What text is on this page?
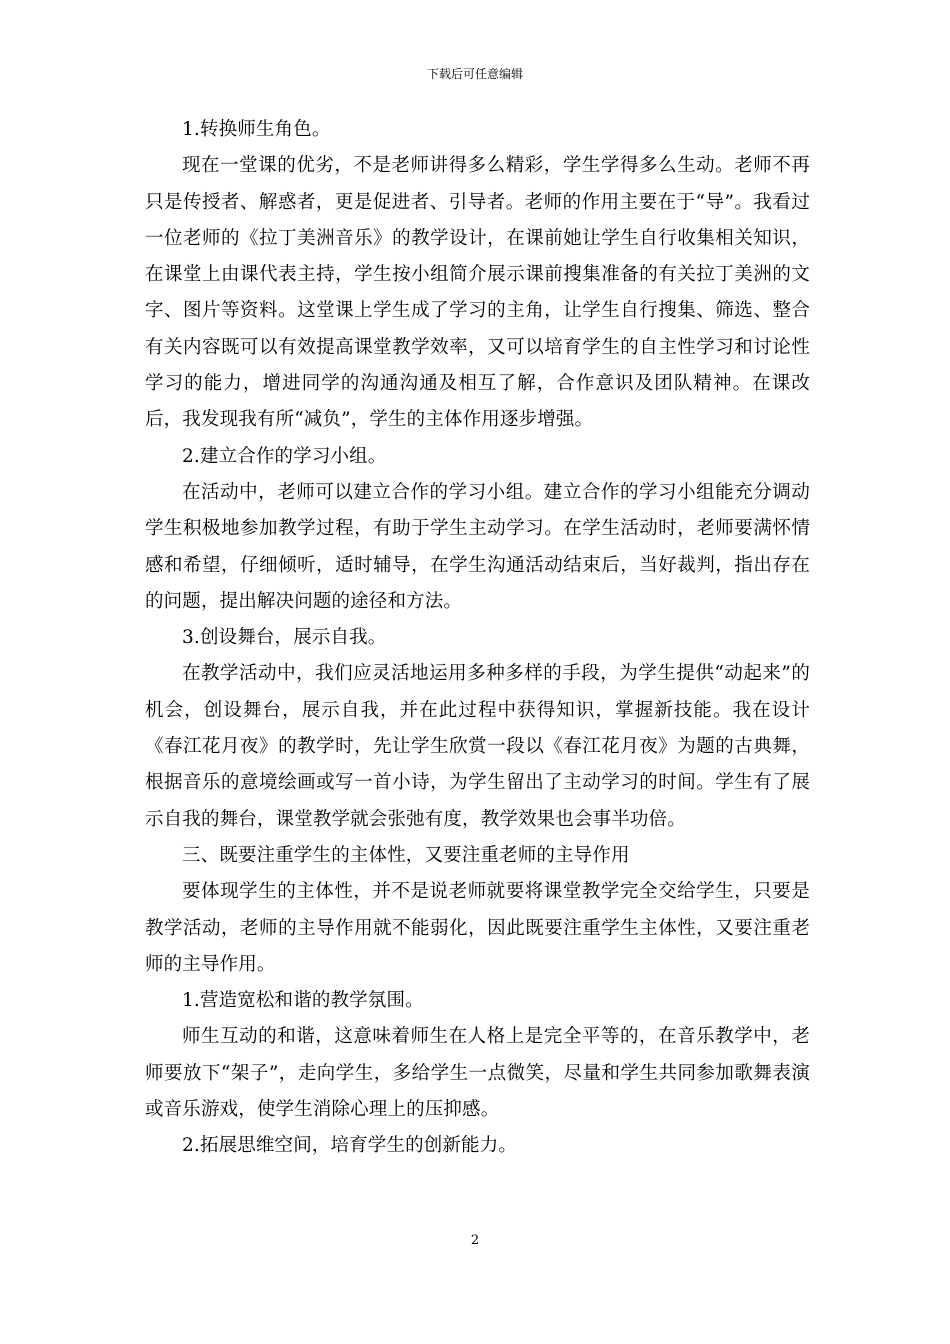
下载后可任意编辑

1.转换师生角色。

现在一堂课的优劣，不是老师讲得多么精彩，学生学得多么生动。老师不再只是传授者、解惑者，更是促进者、引导者。老师的作用主要在于“导”。我看过一位老师的《拉丁美洲音乐》的教学设计，在课前她让学生自行收集相关知识，在课堂上由课代表主持，学生按小组简介展示课前搜集准备的有关拉丁美洲的文字、图片等资料。这堂课上学生成了学习的主角，让学生自行搜集、筛选、整合有关内容既可以有效提高课堂教学效率，又可以培育学生的自主性学习和讨论性学习的能力，增进同学的沟通沟通及相互了解，合作意识及团队精神。在课改后，我发现我有所“减负”，学生的主体作用逐步增强。

2.建立合作的学习小组。

在活动中，老师可以建立合作的学习小组。建立合作的学习小组能充分调动学生积极地参加教学过程，有助于学生主动学习。在学生活动时，老师要满怀情感和希望，仔细倾听，适时辅导，在学生沟通活动结束后，当好裁判，指出存在的问题，提出解决问题的途径和方法。

3.创设舞台，展示自我。

在教学活动中，我们应灵活地运用多种多样的手段，为学生提供“动起来”的机会，创设舞台，展示自我，并在此过程中获得知识，掌握新技能。我在设计《春江花月夜》的教学时，先让学生欣赏一段以《春江花月夜》为题的古典舞，根据音乐的意境绘画或写一首小诗，为学生留出了主动学习的时间。学生有了展示自我的舞台，课堂教学就会张弛有度，教学效果也会事半功倍。

三、既要注重学生的主体性，又要注重老师的主导作用

要体现学生的主体性，并不是说老师就要将课堂教学完全交给学生，只要是教学活动，老师的主导作用就不能弱化，因此既要注重学生主体性，又要注重老师的主导作用。

1.营造宽松和谐的教学氛围。

师生互动的和谐，这意味着师生在人格上是完全平等的，在音乐教学中，老师要放下“架子”，走向学生，多给学生一点微笑，尽量和学生共同参加歌舞表演或音乐游戏，使学生消除心理上的压抑感。

2.拓展思维空间，培育学生的创新能力。

2
